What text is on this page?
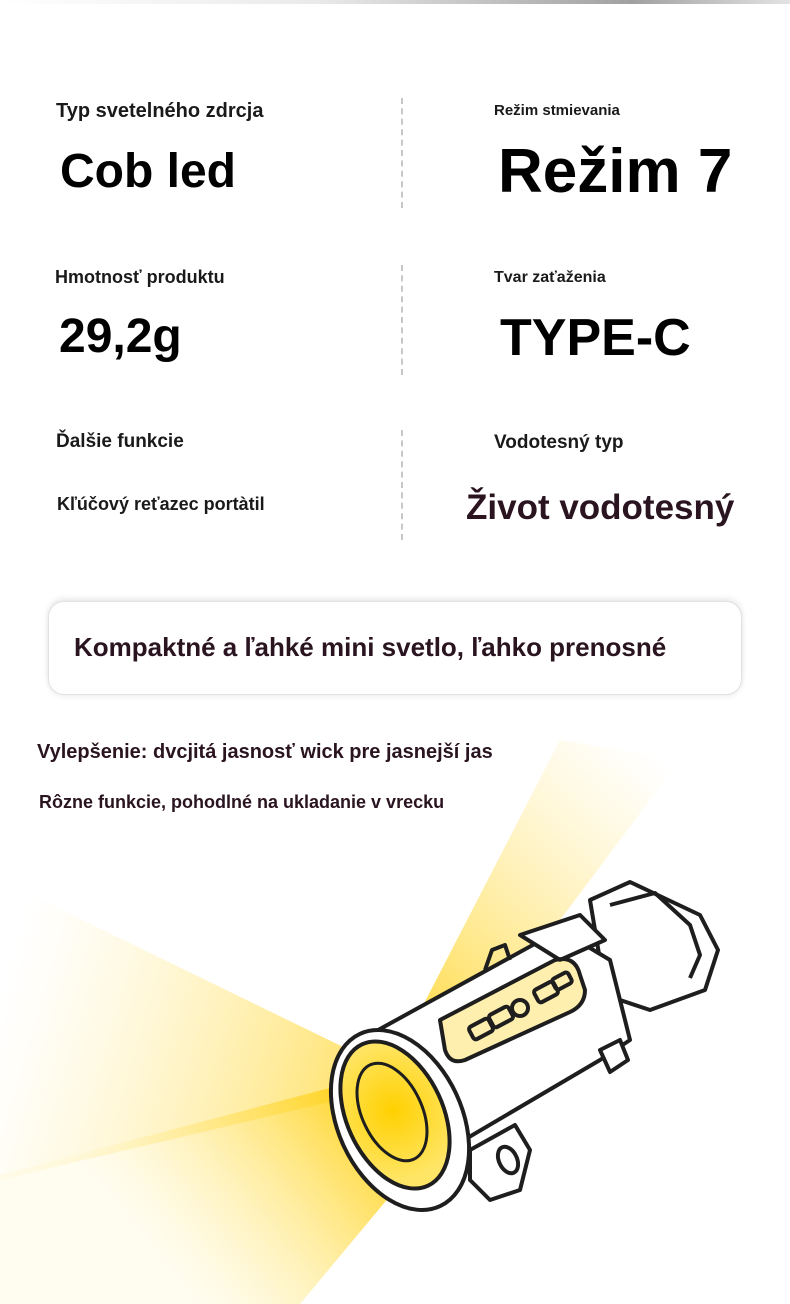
Typ svetelného zdrcja
Cob led
Režim stmievania
Režim 7
Hmotnosť produktu
29,2g
Tvar zaťaženia
TYPE-C
Ďalšie funkcie
Kľúčový reťazec portàtil
Vodotesný typ
Život vodotesný
Kompaktné a ľahké mini svetlo, ľahko prenosné
Vylepšenie: dvcjitá jasnosť wick pre jasnejší jas
Rôzne funkcie, pohodlné na ukladanie v vrecku
